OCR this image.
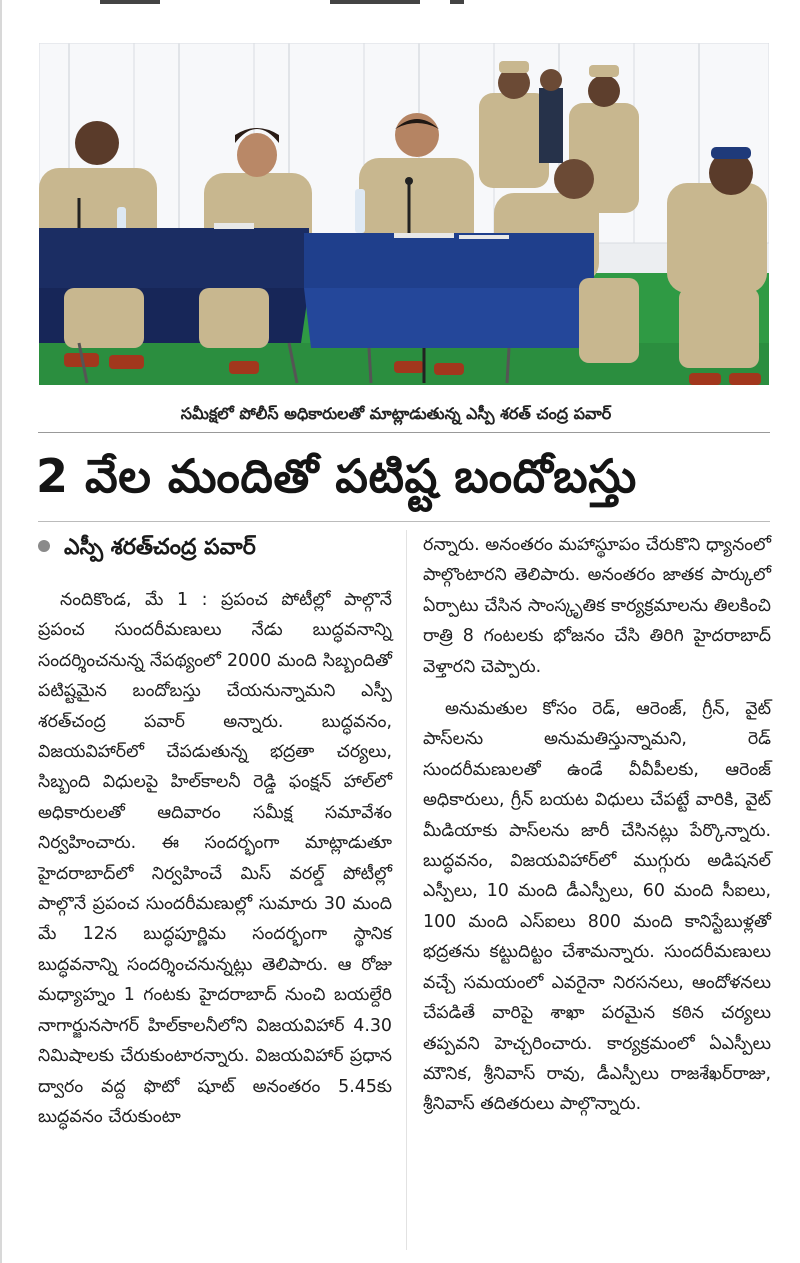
సమీక్షలో పోలీస్ అధికారులతో మాట్లాడుతున్న ఎస్పీ శరత్ చంద్ర పవార్
2 వేల మందితో పటిష్ట బందోబస్తు
ఎస్పీ శరత్‌చంద్ర పవార్

నందికొండ, మే 1 : ప్రపంచ పోటీల్లో పాల్గొనే ప్రపంచ సుందరీమణులు నేడు బుద్ధవనాన్ని సందర్శించనున్న నేపథ్యంలో 2000 మంది సిబ్బందితో పటిష్టమైన బందోబస్తు చేయనున్నామని ఎస్పీ శరత్‌చంద్ర పవార్ అన్నారు. బుద్ధవనం, విజయవిహార్‌లో చేపడుతున్న భద్రతా చర్యలు, సిబ్బంది విధులపై హిల్‌కాలనీ రెడ్డి ఫంక్షన్ హాల్‌లో అధికారులతో ఆదివారం సమీక్ష సమావేశం నిర్వహించారు. ఈ సందర్భంగా మాట్లాడుతూ హైదరాబాద్‌లో నిర్వహించే మిస్ వరల్డ్ పోటీల్లో పాల్గొనే ప్రపంచ సుందరీమణుల్లో సుమారు 30 మంది మే 12న బుద్ధపూర్ణిమ సందర్భంగా స్థానిక బుద్ధవనాన్ని సందర్శించనున్నట్లు తెలిపారు. ఆ రోజు మధ్యాహ్నం 1 గంటకు హైదరాబాద్ నుంచి బయల్దేరి నాగార్జునసాగర్ హిల్‌కాలనీలోని విజయవిహార్ 4.30 నిమిషాలకు చేరుకుంటారన్నారు. విజయవిహార్ ప్రధాన ద్వారం వద్ద ఫొటో షూట్ అనంతరం 5.45కు బుద్ధవనం చేరుకుంటా

రన్నారు. అనంతరం మహాస్థూపం చేరుకొని ధ్యానంలో పాల్గొంటారని తెలిపారు. అనంతరం జాతక పార్కులో ఏర్పాటు చేసిన సాంస్కృతిక కార్యక్రమాలను తిలకించి రాత్రి 8 గంటలకు భోజనం చేసి తిరిగి హైదరాబాద్ వెళ్తారని చెప్పారు.

అనుమతుల కోసం రెడ్, ఆరెంజ్, గ్రీన్, వైట్ పాస్‌లను అనుమతిస్తున్నామని, రెడ్ సుందరీమణులతో ఉండే వీవీపీలకు, ఆరెంజ్ అధికారులు, గ్రీన్ బయట విధులు చేపట్టే వారికి, వైట్ మీడియాకు పాస్‌లను జారీ చేసినట్లు పేర్కొన్నారు. బుద్ధవనం, విజయవిహార్‌లో ముగ్గురు అడిషనల్ ఎస్పీలు, 10 మంది డీఎస్పీలు, 60 మంది సీఐలు, 100 మంది ఎస్ఐలు 800 మంది కానిస్టేబుళ్లతో భద్రతను కట్టుదిట్టం చేశామన్నారు. సుందరీమణులు వచ్చే సమయంలో ఎవరైనా నిరసనలు, ఆందోళనలు చేపడితే వారిపై శాఖా పరమైన కఠిన చర్యలు తప్పవని హెచ్చరించారు. కార్యక్రమంలో ఏఎస్పీలు మౌనిక, శ్రీనివాస్ రావు, డీఎస్పీలు రాజశేఖర్‌రాజు, శ్రీనివాస్ తదితరులు పాల్గొన్నారు.
